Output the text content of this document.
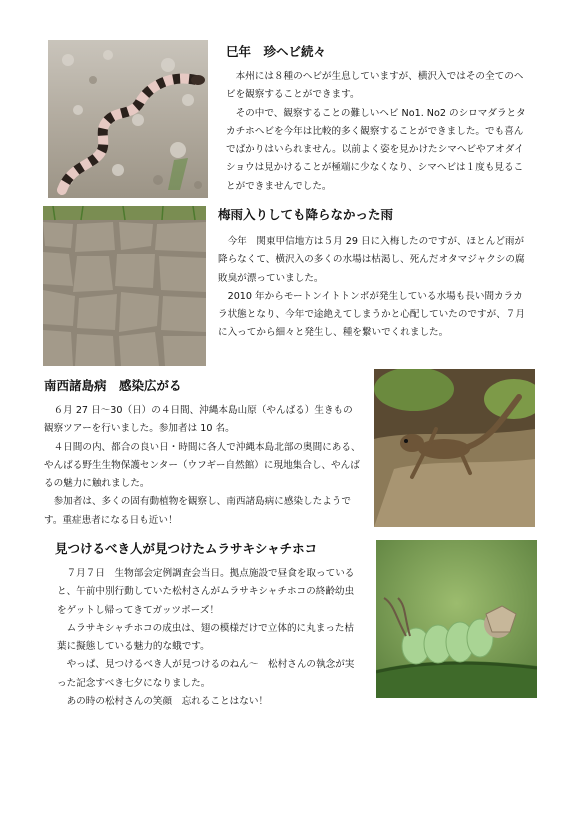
巳年　珍ヘビ続々

本州には８種のヘビが生息していますが、横沢入ではその全てのヘビを観察することができます。

その中で、観察することの難しいヘビ No1. No2 のシロマダラとタカチホヘビを今年は比較的多く観察することができました。でも喜んでばかりはいられません。以前よく姿を見かけたシマヘビやアオダイショウは見かけることが極端に少なくなり、シマヘビは１度も見ることができませんでした。

梅雨入りしても降らなかった雨

今年　関東甲信地方は５月 29 日に入梅したのですが、ほとんど雨が降らなくて、横沢入の多くの水場は枯渇し、死んだオタマジャクシの腐敗臭が漂っていました。

2010 年からモートンイトトンボが発生している水場も長い間カラカラ状態となり、今年で途絶えてしまうかと心配していたのですが、７月に入ってから細々と発生し、種を繋いでくれました。

南西諸島病　感染広がる

６月 27 日～30（日）の４日間、沖縄本島山原（やんばる）生きもの観察ツアーを行いました。参加者は 10 名。

４日間の内、都合の良い日・時間に各人で沖縄本島北部の奥間にある、やんばる野生生物保護センター（ウフギー自然館）に現地集合し、やんばるの魅力に触れました。

参加者は、多くの固有動植物を観察し、南西諸島病に感染したようです。重症患者になる日も近い！

見つけるべき人が見つけたムラサキシャチホコ

７月７日　生物部会定例調査会当日。拠点施設で昼食を取っていると、午前中別行動していた松村さんがムラサキシャチホコの終齢幼虫をゲットし帰ってきてガッツポーズ！

ムラサキシャチホコの成虫は、翅の模様だけで立体的に丸まった枯葉に擬態している魅力的な蛾です。

やっぱ、見つけるべき人が見つけるのねん～　松村さんの執念が実った記念すべき七夕になりました。

あの時の松村さんの笑顔　忘れることはない！
